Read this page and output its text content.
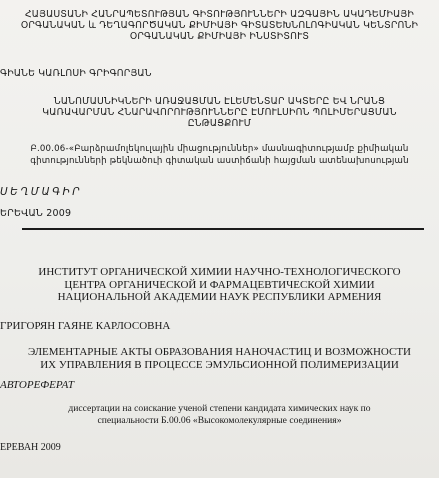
ՀԱՅԱՍՏԱՆԻ ՀԱՆՐԱՊԵՏՈՒԹՅԱՆ ԳԻՏՈՒԹՅՈՒՆՆԵՐԻ ԱԶԳԱՅԻՆ ԱԿԱԴԵՄԻԱՅԻ
ՕՐԳԱՆԱԿԱՆ և ԴԵՂԱԳՈՐԾԱԿԱՆ ՔԻՄԻԱՅԻ ԳԻՏԱՏԵԽՆՈԼՈԳԻԱԿԱՆ ԿԵՆՏՐՈՆԻ
ՕՐԳԱՆԱԿԱՆ ՔԻՄԻԱՅԻ ԻՆՍՏԻՏՈՒՏ
ԳԻԱՆԵ ԿԱՌԼՈՍԻ ԳՐԻԳՈՐՅԱՆ
ՆԱՆՈՄԱՍՆԻԿՆԵՐԻ ԱՌԱՋԱՑՄԱՆ ԷԼԵՄԵՆՏԱՐ ԱԿՏԵՐԸ ԵՎ ՆՐԱՆՑ
ԿԱՌԱՎԱՐՄԱՆ ՀՆԱՐԱՎՈՐՈՒԹՅՈՒՆՆԵՐԸ ԷՄՈՒԼՍԻՈՆ ՊՈԼԻՄԵՐԱՑՄԱՆ
ԸՆԹԱՑՔՈՒՄ
Բ.00.06-«Բարձրամոլեկուլային միացություններ» մասնագիտությամբ քիմիական
գիտությունների թեկնածուի գիտական աստիճանի հայցման ատենախոսության
ՍԵՂՄԱԳԻՐ
ԵՐԵՎԱՆ 2009
ИНСТИТУТ ОРГАНИЧЕСКОЙ ХИМИИ НАУЧНО-ТЕХНОЛОГИЧЕСКОГО
ЦЕНТРА ОРГАНИЧЕСКОЙ И ФАРМАЦЕВТИЧЕСКОЙ ХИМИИ
НАЦИОНАЛЬНОЙ АКАДЕМИИ НАУК РЕСПУБЛИКИ АРМЕНИЯ
ГРИГОРЯН ГАЯНЕ КАРЛОСОВНА
ЭЛЕМЕНТАРНЫЕ АКТЫ ОБРАЗОВАНИЯ НАНОЧАСТИЦ И ВОЗМОЖНОСТИ
ИХ УПРАВЛЕНИЯ В ПРОЦЕССЕ ЭМУЛЬСИОННОЙ ПОЛИМЕРИЗАЦИИ
АВТОРЕФЕРАТ
диссертации на соискание ученой степени кандидата химических наук по
специальности Б.00.06 «Высокомолекулярные соединения»
ЕРЕВАН 2009
